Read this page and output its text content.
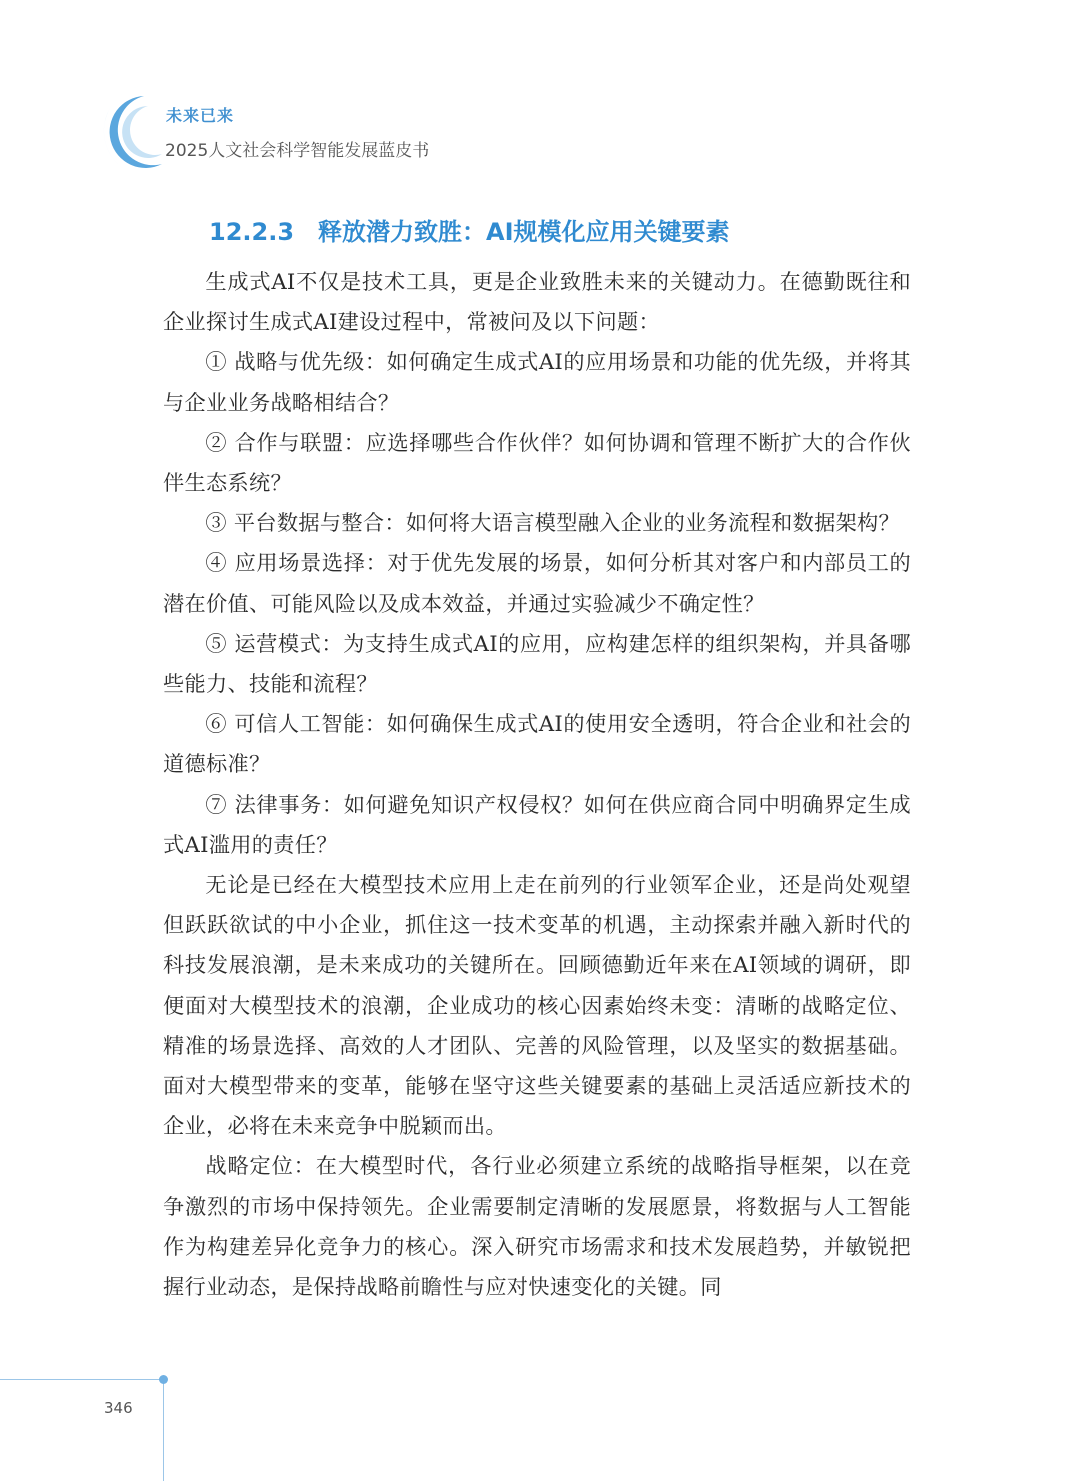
未来已来
2025人文社会科学智能发展蓝皮书
12.2.3 释放潜力致胜：AI规模化应用关键要素

生成式AI不仅是技术工具，更是企业致胜未来的关键动力。在德勤既往和企业探讨生成式AI建设过程中，常被问及以下问题：

① 战略与优先级：如何确定生成式AI的应用场景和功能的优先级，并将其与企业业务战略相结合？

② 合作与联盟：应选择哪些合作伙伴？如何协调和管理不断扩大的合作伙伴生态系统？

③ 平台数据与整合：如何将大语言模型融入企业的业务流程和数据架构？

④ 应用场景选择：对于优先发展的场景，如何分析其对客户和内部员工的潜在价值、可能风险以及成本效益，并通过实验减少不确定性？

⑤ 运营模式：为支持生成式AI的应用，应构建怎样的组织架构，并具备哪些能力、技能和流程？

⑥ 可信人工智能：如何确保生成式AI的使用安全透明，符合企业和社会的道德标准？

⑦ 法律事务：如何避免知识产权侵权？如何在供应商合同中明确界定生成式AI滥用的责任？

无论是已经在大模型技术应用上走在前列的行业领军企业，还是尚处观望但跃跃欲试的中小企业，抓住这一技术变革的机遇，主动探索并融入新时代的科技发展浪潮，是未来成功的关键所在。回顾德勤近年来在AI领域的调研，即便面对大模型技术的浪潮，企业成功的核心因素始终未变：清晰的战略定位、精准的场景选择、高效的人才团队、完善的风险管理，以及坚实的数据基础。面对大模型带来的变革，能够在坚守这些关键要素的基础上灵活适应新技术的企业，必将在未来竞争中脱颖而出。

战略定位：在大模型时代，各行业必须建立系统的战略指导框架，以在竞争激烈的市场中保持领先。企业需要制定清晰的发展愿景，将数据与人工智能作为构建差异化竞争力的核心。深入研究市场需求和技术发展趋势，并敏锐把握行业动态，是保持战略前瞻性与应对快速变化的关键。同

346
